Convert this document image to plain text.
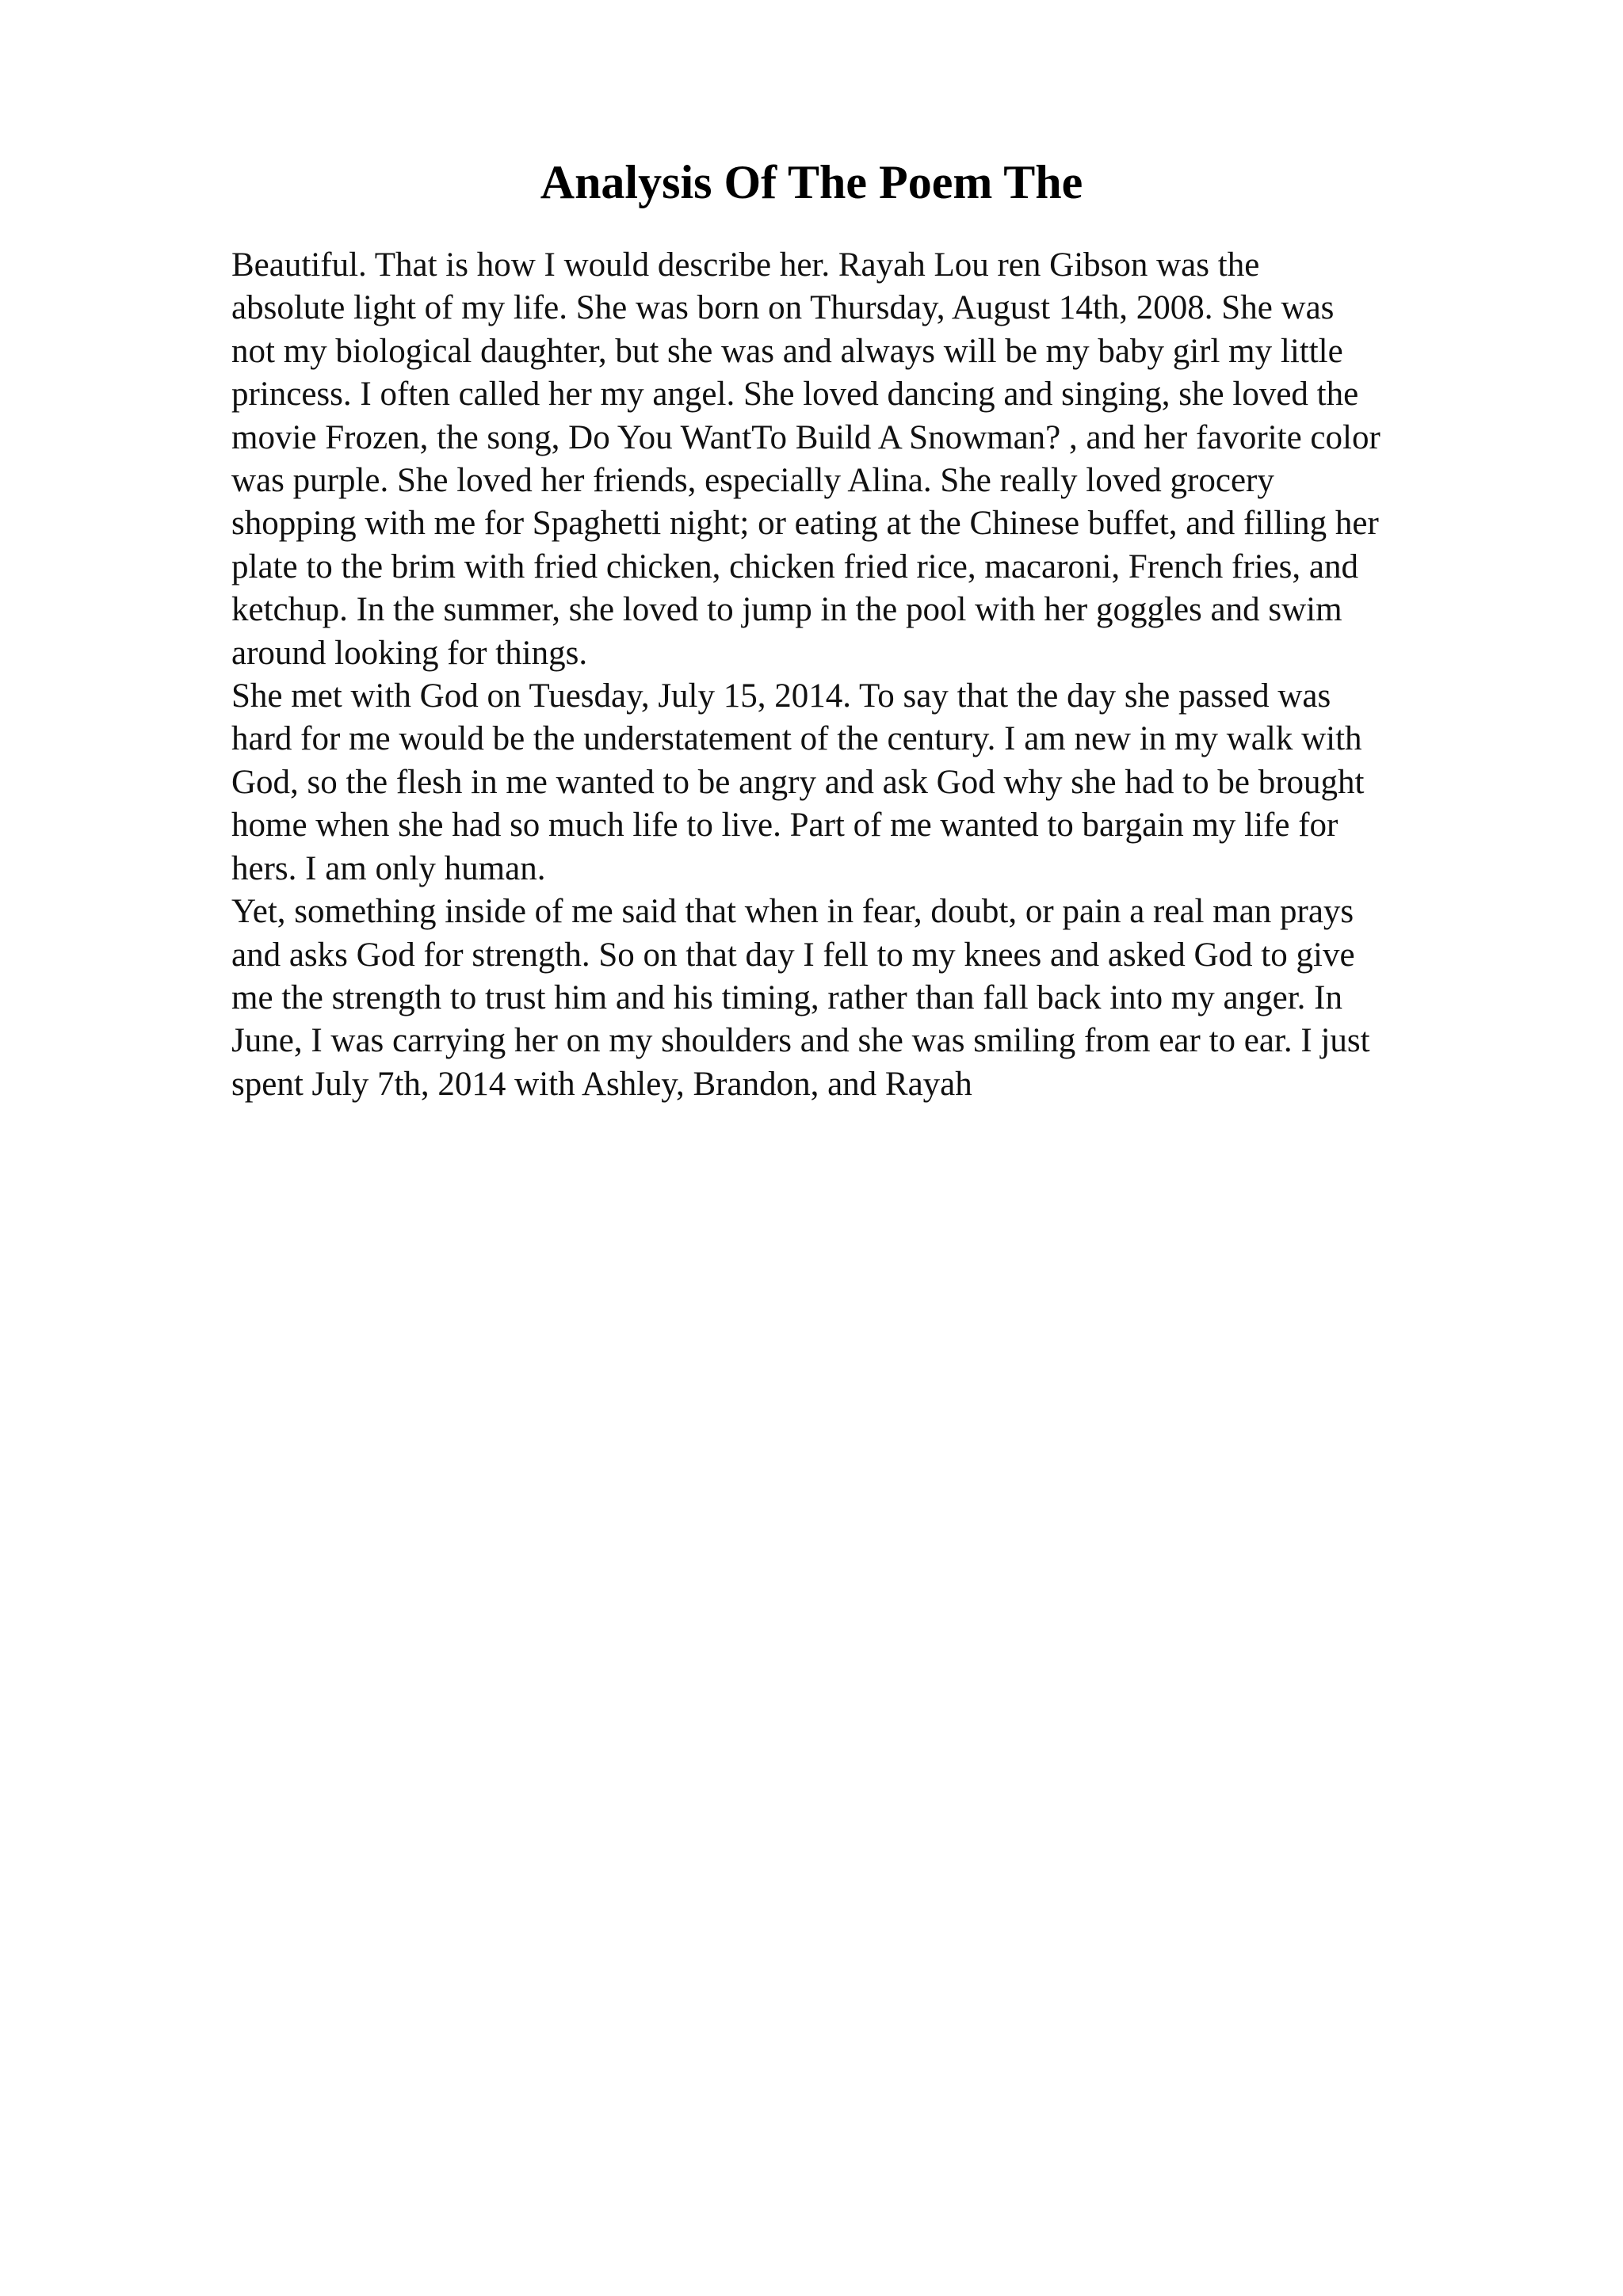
Analysis Of The Poem The
Beautiful. That is how I would describe her. Rayah Lou ren Gibson was the
absolute light of my life. She was born on Thursday, August 14th, 2008. She was
not my biological daughter, but she was and always will be my baby girl my little
princess. I often called her my angel. She loved dancing and singing, she loved the
movie Frozen, the song, Do You WantTo Build A Snowman? , and her favorite color
was purple. She loved her friends, especially Alina. She really loved grocery
shopping with me for Spaghetti night; or eating at the Chinese buffet, and filling her
plate to the brim with fried chicken, chicken fried rice, macaroni, French fries, and
ketchup. In the summer, she loved to jump in the pool with her goggles and swim
around looking for things.
She met with God on Tuesday, July 15, 2014. To say that the day she passed was
hard for me would be the understatement of the century. I am new in my walk with
God, so the flesh in me wanted to be angry and ask God why she had to be brought
home when she had so much life to live. Part of me wanted to bargain my life for
hers. I am only human.
Yet, something inside of me said that when in fear, doubt, or pain a real man prays
and asks God for strength. So on that day I fell to my knees and asked God to give
me the strength to trust him and his timing, rather than fall back into my anger. In
June, I was carrying her on my shoulders and she was smiling from ear to ear. I just
spent July 7th, 2014 with Ashley, Brandon, and Rayah
